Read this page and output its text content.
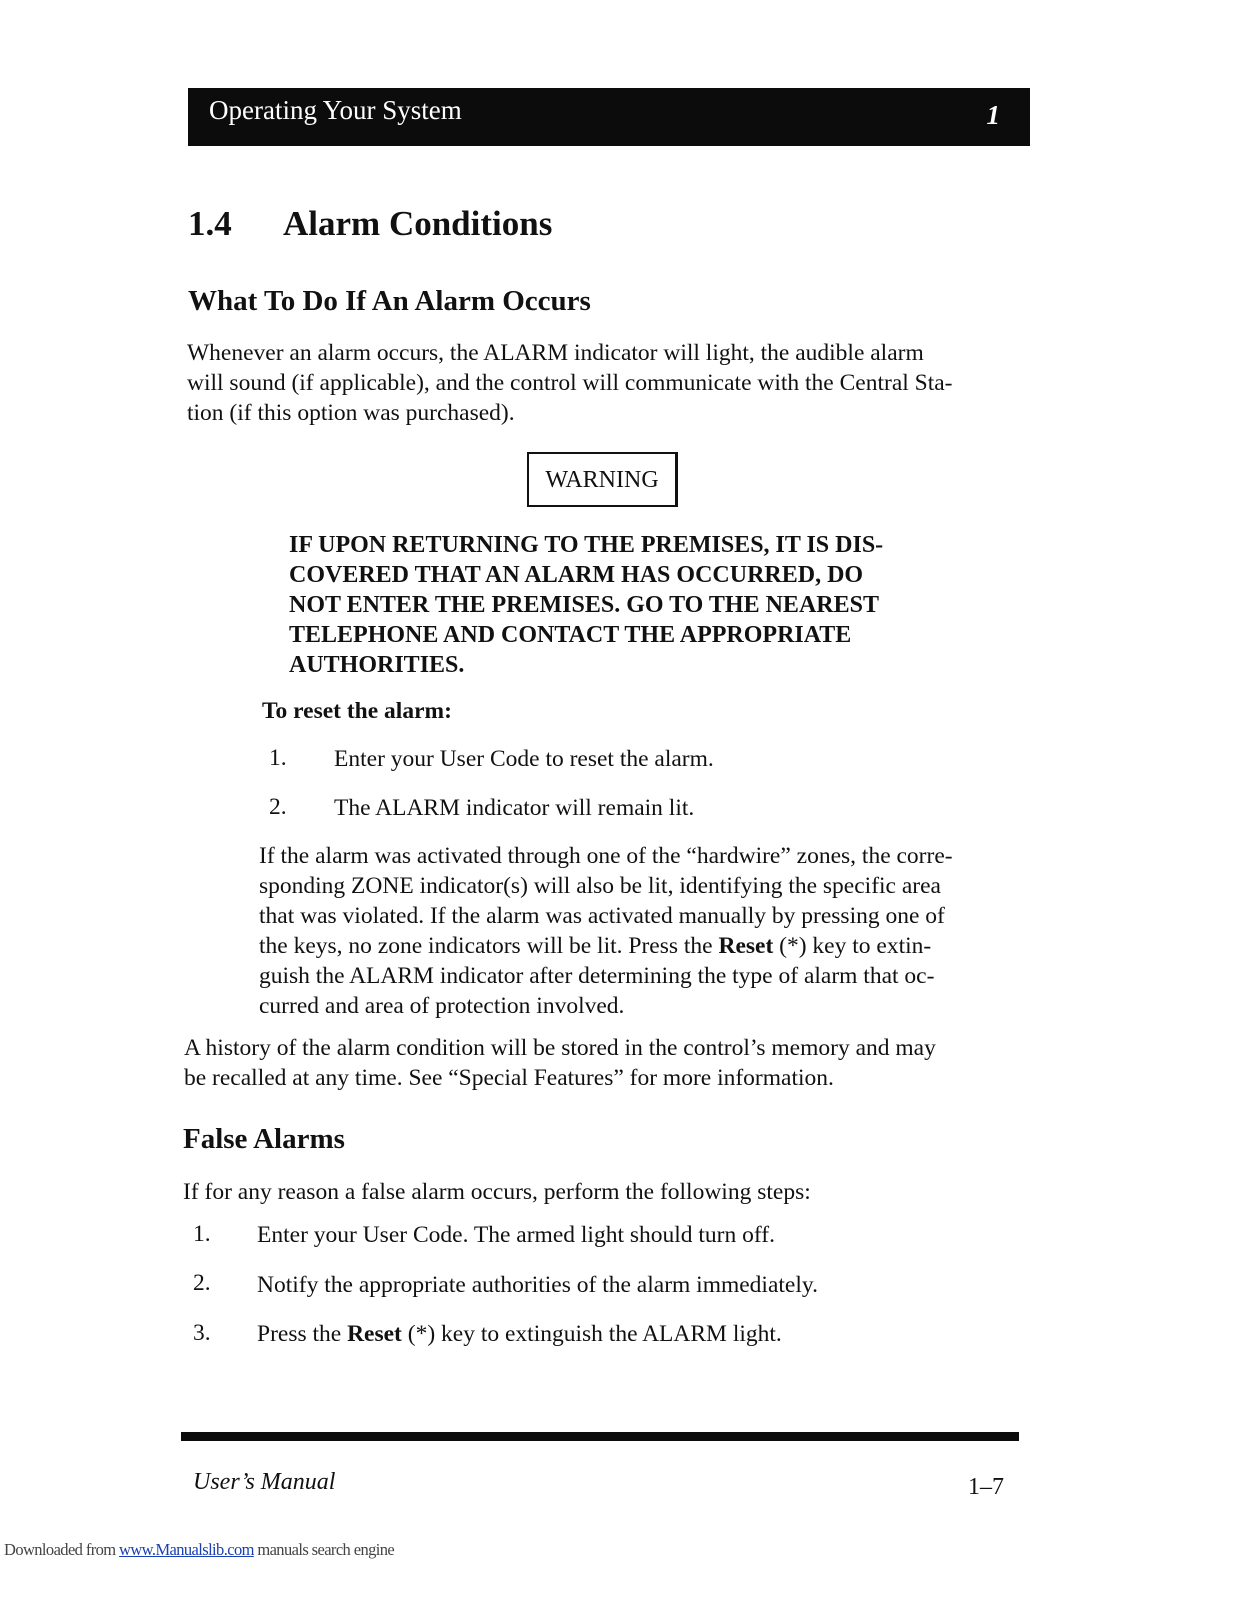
Operating Your System	1
1.4 Alarm Conditions
What To Do If An Alarm Occurs
Whenever an alarm occurs, the ALARM indicator will light, the audible alarm
will sound (if applicable), and the control will communicate with the Central Sta-
tion (if this option was purchased).
WARNING
IF UPON RETURNING TO THE PREMISES, IT IS DIS-
COVERED THAT AN ALARM HAS OCCURRED, DO
NOT ENTER THE PREMISES. GO TO THE NEAREST
TELEPHONE AND CONTACT THE APPROPRIATE
AUTHORITIES.
To reset the alarm:
1. Enter your User Code to reset the alarm.
2. The ALARM indicator will remain lit.
If the alarm was activated through one of the “hardwire” zones, the corre-
sponding ZONE indicator(s) will also be lit, identifying the specific area
that was violated. If the alarm was activated manually by pressing one of
the keys, no zone indicators will be lit. Press the Reset (*) key to extin-
guish the ALARM indicator after determining the type of alarm that oc-
curred and area of protection involved.
A history of the alarm condition will be stored in the control’s memory and may
be recalled at any time. See “Special Features” for more information.
False Alarms
If for any reason a false alarm occurs, perform the following steps:
1. Enter your User Code. The armed light should turn off.
2. Notify the appropriate authorities of the alarm immediately.
3. Press the Reset (*) key to extinguish the ALARM light.
User’s Manual	1–7
Downloaded from www.Manualslib.com manuals search engine
